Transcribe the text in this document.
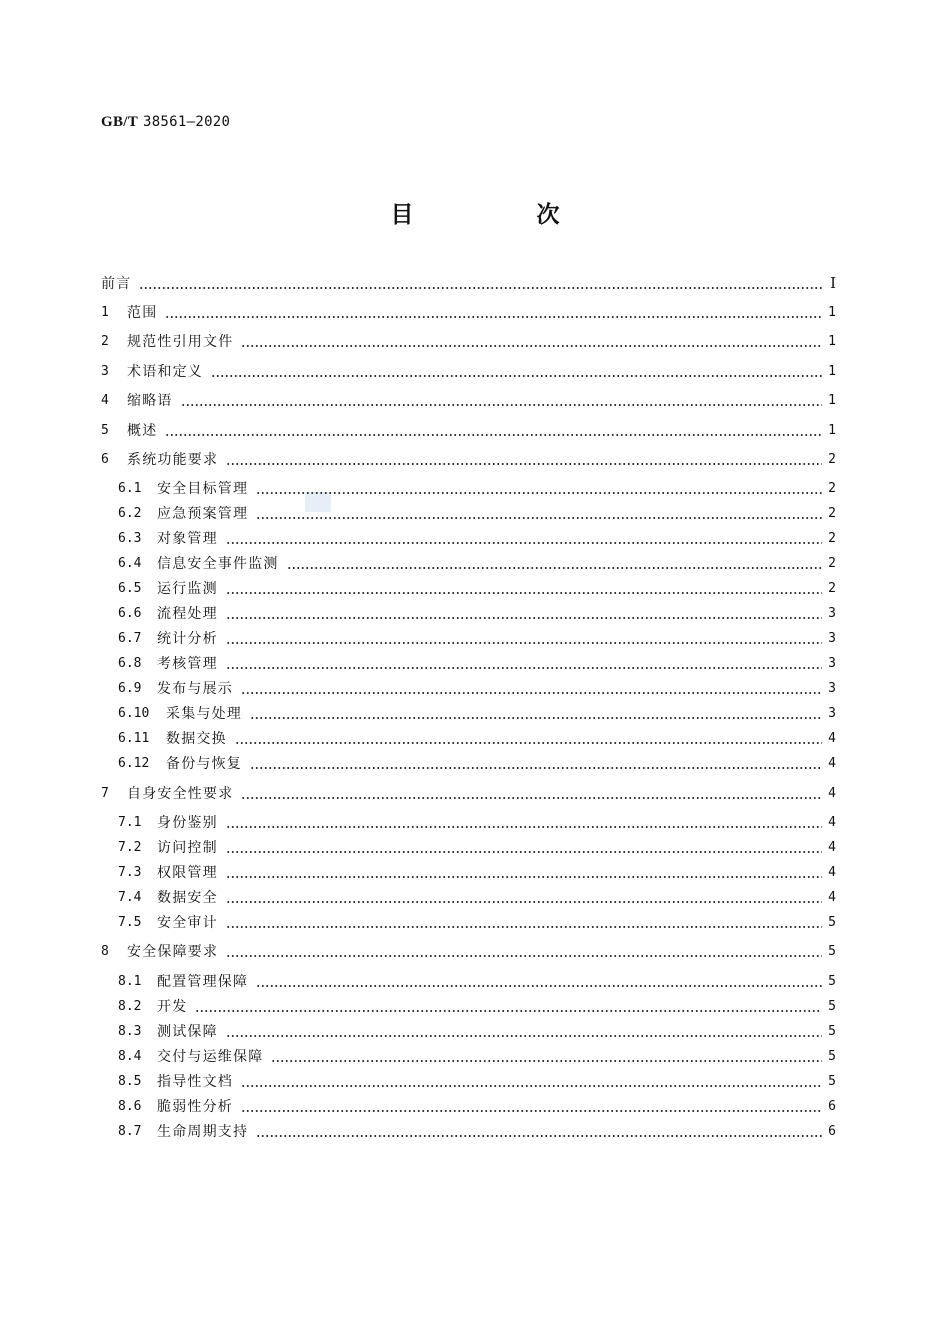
GB/T 38561—2020
目　次
前言	Ⅰ
1	范围	1
2	规范性引用文件	1
3	术语和定义	1
4	缩略语	1
5	概述	1
6	系统功能要求	2
6.1	安全目标管理	2
6.2	应急预案管理	2
6.3	对象管理	2
6.4	信息安全事件监测	2
6.5	运行监测	2
6.6	流程处理	3
6.7	统计分析	3
6.8	考核管理	3
6.9	发布与展示	3
6.10	采集与处理	3
6.11	数据交换	4
6.12	备份与恢复	4
7	自身安全性要求	4
7.1	身份鉴别	4
7.2	访问控制	4
7.3	权限管理	4
7.4	数据安全	4
7.5	安全审计	5
8	安全保障要求	5
8.1	配置管理保障	5
8.2	开发	5
8.3	测试保障	5
8.4	交付与运维保障	5
8.5	指导性文档	5
8.6	脆弱性分析	6
8.7	生命周期支持	6
